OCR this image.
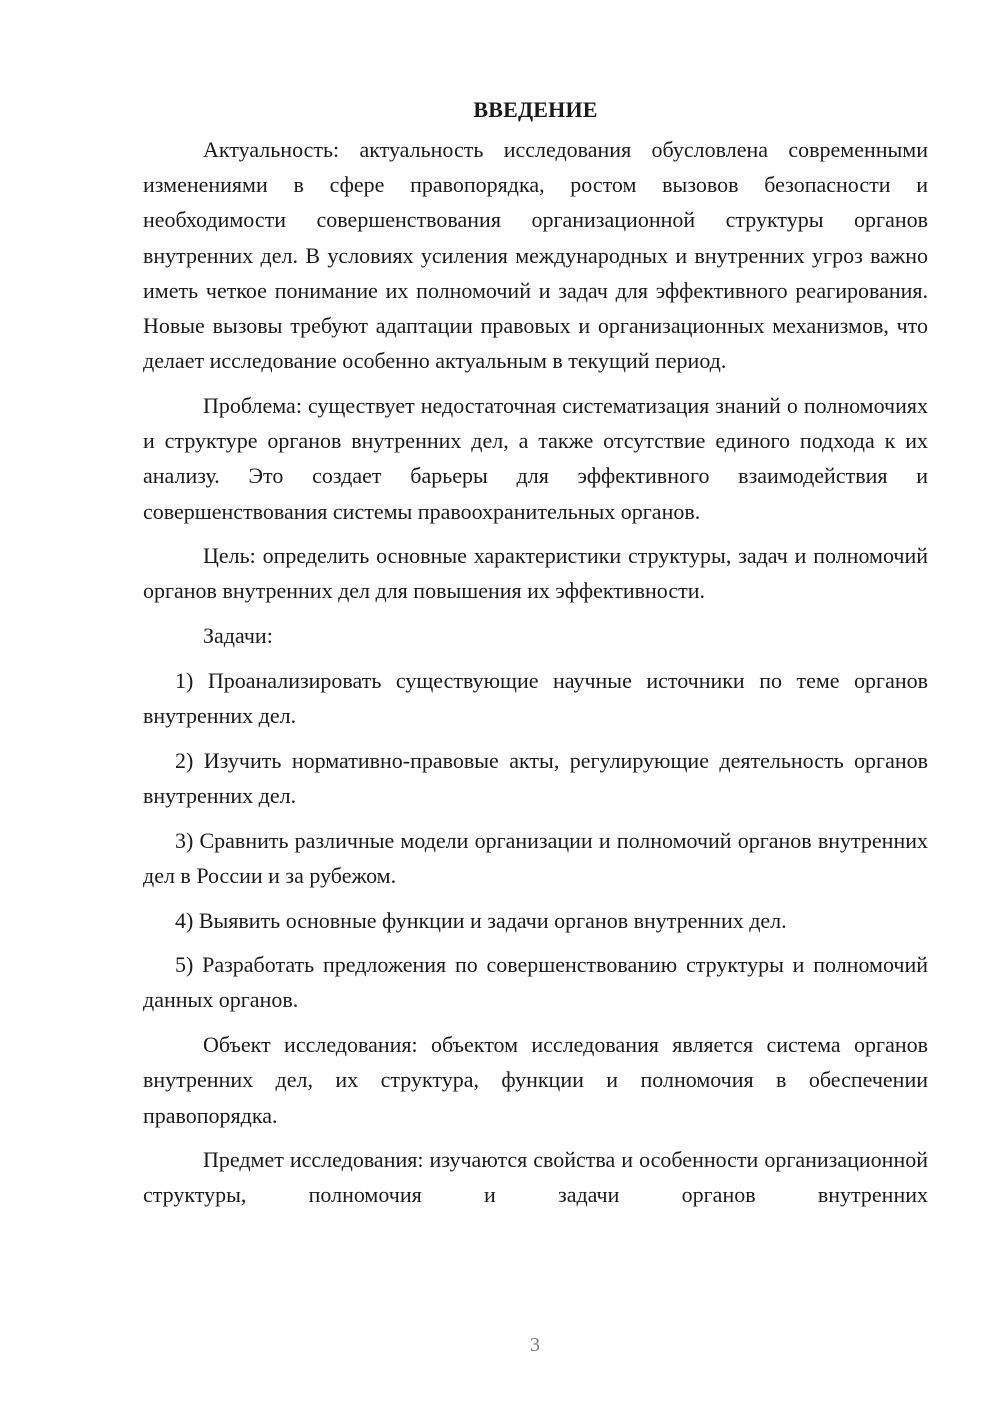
ВВЕДЕНИЕ

Актуальность: актуальность исследования обусловлена современными изменениями в сфере правопорядка, ростом вызовов безопасности и необходимости совершенствования организационной структуры органов внутренних дел. В условиях усиления международных и внутренних угроз важно иметь четкое понимание их полномочий и задач для эффективного реагирования. Новые вызовы требуют адаптации правовых и организационных механизмов, что делает исследование особенно актуальным в текущий период.

Проблема: существует недостаточная систематизация знаний о полномочиях и структуре органов внутренних дел, а также отсутствие единого подхода к их анализу. Это создает барьеры для эффективного взаимодействия и совершенствования системы правоохранительных органов.

Цель: определить основные характеристики структуры, задач и полномочий органов внутренних дел для повышения их эффективности.

Задачи:

1) Проанализировать существующие научные источники по теме органов внутренних дел.

2) Изучить нормативно-правовые акты, регулирующие деятельность органов внутренних дел.

3) Сравнить различные модели организации и полномочий органов внутренних дел в России и за рубежом.

4) Выявить основные функции и задачи органов внутренних дел.

5) Разработать предложения по совершенствованию структуры и полномочий данных органов.

Объект исследования: объектом исследования является система органов внутренних дел, их структура, функции и полномочия в обеспечении правопорядка.

Предмет исследования: изучаются свойства и особенности организационной структуры, полномочия и задачи органов внутренних

3
